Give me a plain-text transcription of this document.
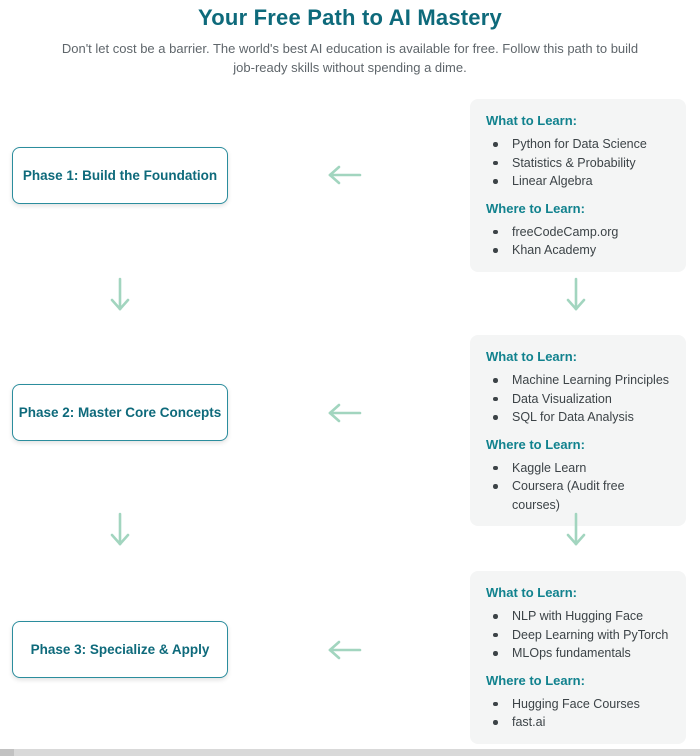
Your Free Path to AI Mastery

Don't let cost be a barrier. The world's best AI education is available for free. Follow this path to build job-ready skills without spending a dime.

Phase 1: Build the Foundation
Phase 2: Master Core Concepts
Phase 3: Specialize & Apply
What to Learn:
Python for Data Science
Statistics & Probability
Linear Algebra
Where to Learn:
freeCodeCamp.org
Khan Academy
What to Learn:
Machine Learning Principles
Data Visualization
SQL for Data Analysis
Where to Learn:
Kaggle Learn
Coursera (Audit free courses)
What to Learn:
NLP with Hugging Face
Deep Learning with PyTorch
MLOps fundamentals
Where to Learn:
Hugging Face Courses
fast.ai
